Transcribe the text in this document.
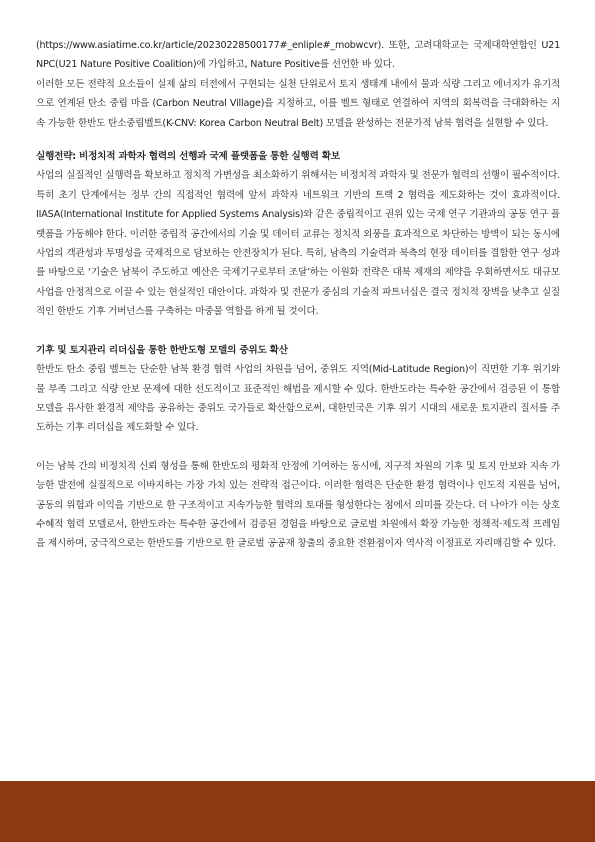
(https://www.asiatime.co.kr/article/20230228500177#_enliple#_mobwcvr). 또한, 고려대학교는 국제대학연합인 U21 NPC(U21 Nature Positive Coalition)에 가입하고, Nature Positive를 선언한 바 있다.

이러한 모든 전략적 요소들이 실제 삶의 터전에서 구현되는 실천 단위로서 토지 생태계 내에서 물과 식량 그리고 에너지가 유기적으로 연계된 탄소 중립 마을 (Carbon Neutral Village)을 지정하고, 이를 벨트 형태로 연결하여 지역의 회복력을 극대화하는 지속 가능한 한반도 탄소중립벨트(K-CNV: Korea Carbon Neutral Belt) 모델을 완성하는 전문가적 남북 협력을 실현할 수 있다.

실행전략: 비정치적 과학자 협력의 선행과 국제 플랫폼을 통한 실행력 확보

사업의 실질적인 실행력을 확보하고 정치적 가변성을 최소화하기 위해서는 비정치적 과학자 및 전문가 협력의 선행이 필수적이다. 특히 초기 단계에서는 정부 간의 직접적인 협력에 앞서 과학자 네트워크 기반의 트랙 2 협력을 제도화하는 것이 효과적이다. IIASA(International Institute for Applied Systems Analysis)와 같은 중립적이고 권위 있는 국제 연구 기관과의 공동 연구 플랫폼을 가동해야 한다. 이러한 중립적 공간에서의 기술 및 데이터 교류는 정치적 외풍을 효과적으로 차단하는 방벽이 되는 동시에 사업의 객관성과 투명성을 국제적으로 담보하는 안전장치가 된다. 특히, 남측의 기술력과 북측의 현장 데이터를 결합한 연구 성과를 바탕으로 ‘기술은 남북이 주도하고 예산은 국제기구로부터 조달’하는 이원화 전략은 대북 제재의 제약을 우회하면서도 대규모 사업을 안정적으로 이끌 수 있는 현실적인 대안이다. 과학자 및 전문가 중심의 기술적 파트너십은 결국 정치적 장벽을 낮추고 실질적인 한반도 기후 거버넌스를 구축하는 마중물 역할을 하게 될 것이다.

기후 및 토지관리 리더십을 통한 한반도형 모델의 중위도 확산

한반도 탄소 중립 벨트는 단순한 남북 환경 협력 사업의 차원을 넘어, 중위도 지역(Mid-Latitude Region)이 직면한 기후 위기와 물 부족 그리고 식량 안보 문제에 대한 선도적이고 표준적인 해법을 제시할 수 있다. 한반도라는 특수한 공간에서 검증된 이 통합 모델을 유사한 환경적 제약을 공유하는 중위도 국가들로 확산함으로써, 대한민국은 기후 위기 시대의 새로운 토지관리 질서를 주도하는 기후 리더십을 제도화할 수 있다.

이는 남북 간의 비정치적 신뢰 형성을 통해 한반도의 평화적 안정에 기여하는 동시에, 지구적 차원의 기후 및 토지 안보와 지속 가능한 발전에 실질적으로 이바지하는 가장 가치 있는 전략적 접근이다. 이러한 협력은 단순한 환경 협력이나 인도적 지원을 넘어, 공동의 위험과 이익을 기반으로 한 구조적이고 지속가능한 협력의 토대를 형성한다는 점에서 의미를 갖는다. 더 나아가 이는 상호 수혜적 협력 모델로서, 한반도라는 특수한 공간에서 검증된 경험을 바탕으로 글로벌 차원에서 확장 가능한 정책적·제도적 프레임을 제시하며, 궁극적으로는 한반도를 기반으로 한 글로벌 공공재 창출의 중요한 전환점이자 역사적 이정표로 자리매김할 수 있다.
